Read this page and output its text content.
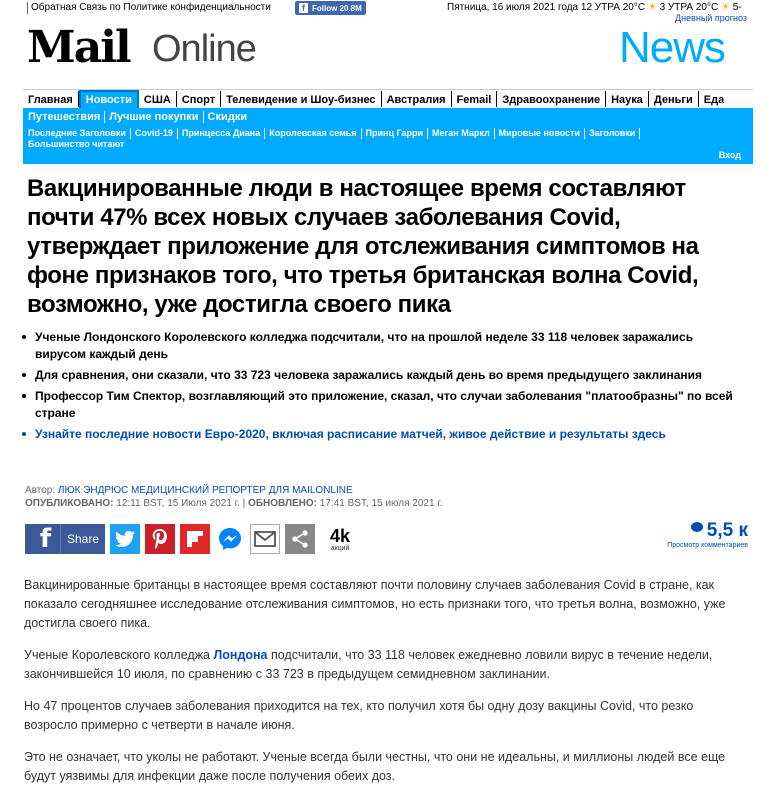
Обратная Связь по Политике конфиденциальности	f Follow 20.8M	Пятница, 16 июля 2021 года 12 УТРА 20°C ☀ 3 УТРА 20°C ☀ 5-
Дневный прогноз
Mail Online	News
Главная	Новости	США	Спорт	Телевидение и Шоу-бизнес	Австралия	Femail	Здравоохранение	Наука	Деньги	Еда
Путешествия Лучшие покупки Скидки
Последние Заголовки	Covid-19	Принцесса Диана	Королевская семья	Принц Гарри	Меган Маркл	Мировые новости	Заголовки
Большинство читают
Вход
Вакцинированные люди в настоящее время составляют почти 47% всех новых случаев заболевания Covid, утверждает приложение для отслеживания симптомов на фоне признаков того, что третья британская волна Covid, возможно, уже достигла своего пика
Ученые Лондонского Королевского колледжа подсчитали, что на прошлой неделе 33 118 человек заражались вирусом каждый день
Для сравнения, они сказали, что 33 723 человека заражались каждый день во время предыдущего заклинания
Профессор Тим Спектор, возглавляющий это приложение, сказал, что случаи заболевания "платообразны" по всей стране
Узнайте последние новости Евро-2020, включая расписание матчей, живое действие и результаты здесь
Автор: ЛЮК ЭНДРЮС МЕДИЦИНСКИЙ РЕПОРТЕР ДЛЯ MAILONLINE
ОПУБЛИКОВАНО: 12:11 BST, 15 Июля 2021 г. | ОБНОВЛЕНО: 17:41 BST, 15 июля 2021 г.
f	Share	4k
акций
5,5 к
Просмотр комментариев

Вакцинированные британцы в настоящее время составляют почти половину случаев заболевания Covid в стране, как показало сегодняшнее исследование отслеживания симптомов, но есть признаки того, что третья волна, возможно, уже достигла своего пика.

Ученые Королевского колледжа Лондона подсчитали, что 33 118 человек ежедневно ловили вирус в течение недели, закончившейся 10 июля, по сравнению с 33 723 в предыдущем семидневном заклинании.

Но 47 процентов случаев заболевания приходится на тех, кто получил хотя бы одну дозу вакцины Covid, что резко возросло примерно с четверти в начале июня.

Это не означает, что уколы не работают. Ученые всегда были честны, что они не идеальны, и миллионы людей все еще будут уязвимы для инфекции даже после получения обеих доз.
